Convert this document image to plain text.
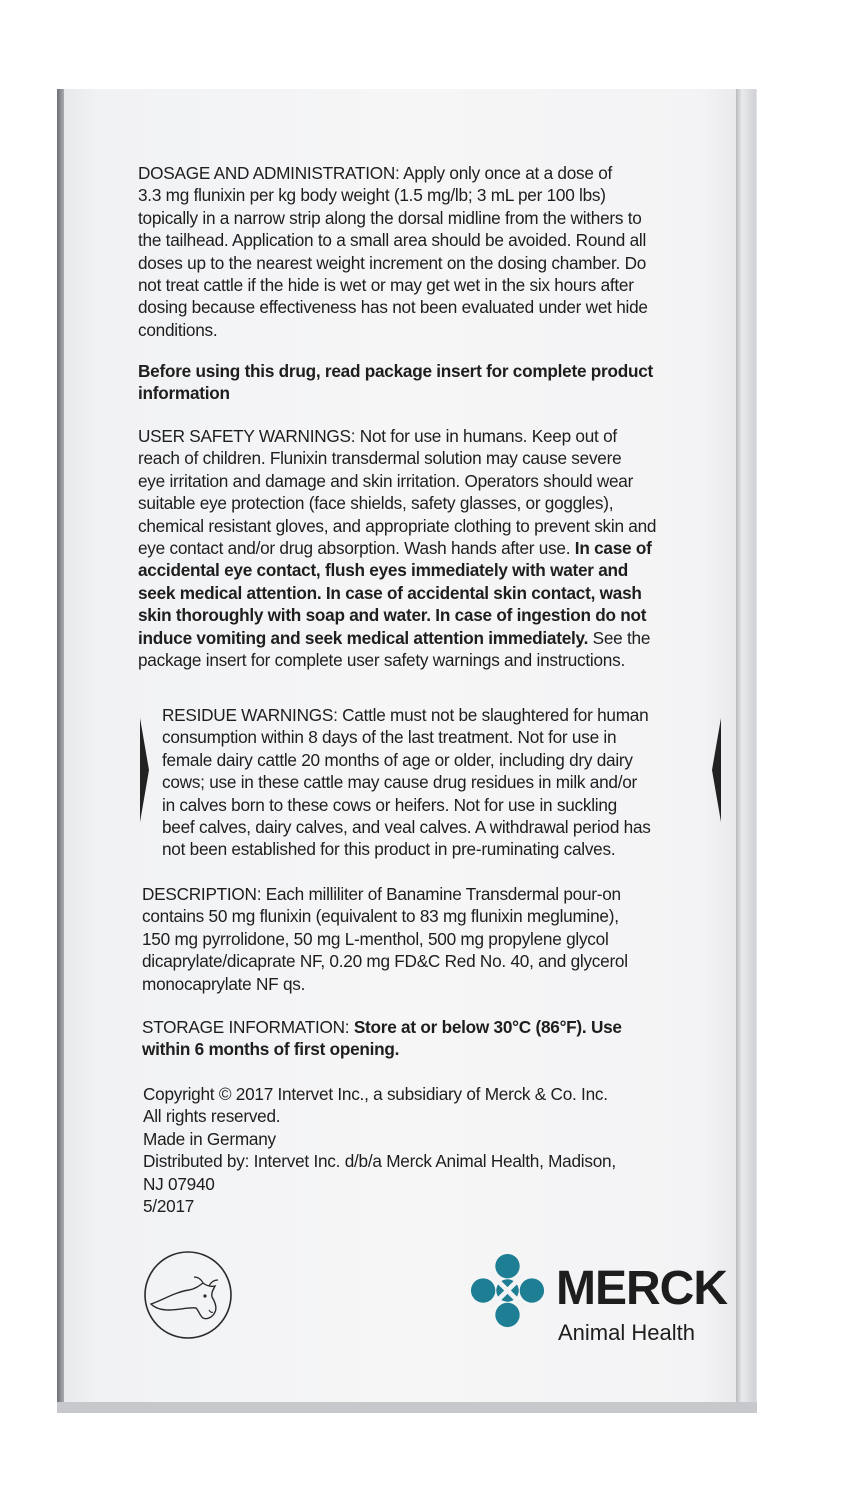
DOSAGE AND ADMINISTRATION: Apply only once at a dose of
3.3 mg flunixin per kg body weight (1.5 mg/lb; 3 mL per 100 lbs)
topically in a narrow strip along the dorsal midline from the withers to
the tailhead. Application to a small area should be avoided. Round all
doses up to the nearest weight increment on the dosing chamber. Do
not treat cattle if the hide is wet or may get wet in the six hours after
dosing because effectiveness has not been evaluated under wet hide
conditions.
Before using this drug, read package insert for complete product
information
USER SAFETY WARNINGS: Not for use in humans. Keep out of
reach of children. Flunixin transdermal solution may cause severe
eye irritation and damage and skin irritation. Operators should wear
suitable eye protection (face shields, safety glasses, or goggles),
chemical resistant gloves, and appropriate clothing to prevent skin and
eye contact and/or drug absorption. Wash hands after use. In case of
accidental eye contact, flush eyes immediately with water and
seek medical attention. In case of accidental skin contact, wash
skin thoroughly with soap and water. In case of ingestion do not
induce vomiting and seek medical attention immediately. See the
package insert for complete user safety warnings and instructions.
RESIDUE WARNINGS: Cattle must not be slaughtered for human
consumption within 8 days of the last treatment. Not for use in
female dairy cattle 20 months of age or older, including dry dairy
cows; use in these cattle may cause drug residues in milk and/or
in calves born to these cows or heifers. Not for use in suckling
beef calves, dairy calves, and veal calves. A withdrawal period has
not been established for this product in pre-ruminating calves.
DESCRIPTION: Each milliliter of Banamine Transdermal pour-on
contains 50 mg flunixin (equivalent to 83 mg flunixin meglumine),
150 mg pyrrolidone, 50 mg L-menthol, 500 mg propylene glycol
dicaprylate/dicaprate NF, 0.20 mg FD&C Red No. 40, and glycerol
monocaprylate NF qs.
STORAGE INFORMATION: Store at or below 30°C (86°F). Use
within 6 months of first opening.
Copyright © 2017 Intervet Inc., a subsidiary of Merck & Co. Inc.
All rights reserved.
Made in Germany
Distributed by: Intervet Inc. d/b/a Merck Animal Health, Madison,
NJ 07940
5/2017
MERCK
Animal Health
